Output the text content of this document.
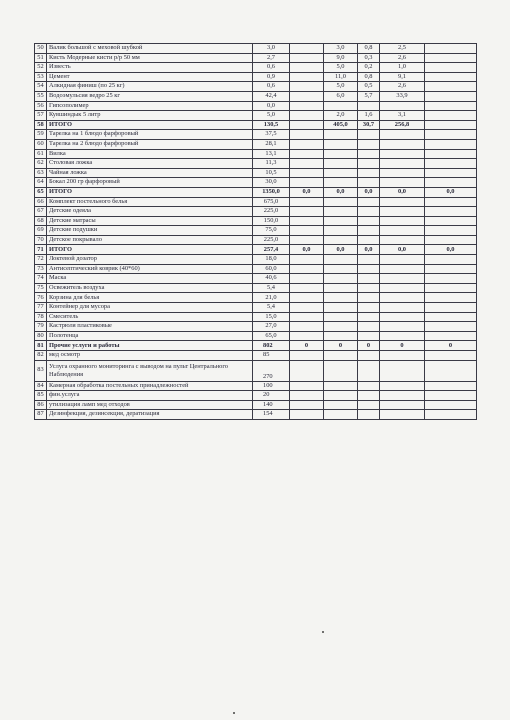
50	Валик большой с меховой шубкой	3,0		3,0	0,8	2,5	
51	Кисть Модерные кисти р/р 50 мм	2,7		9,0	0,3	2,6	
52	Известь	0,6		5,0	0,2	1,0	
53	Цемент	0,9		11,0	0,8	9,1	
54	Алкидная финиш (по 25 кг)	0,6		5,0	0,5	2,6	
55	Водоэмульсия ведро 25 кг	42,4		6,0	5,7	33,9	
56	Гипсополимер	0,0					
57	Кувшиндык 5 литр	5,0		2,0	1,6	3,1	
58	ИТОГО	130,5		405,0	30,7	256,8	
59	Тарелка на 1 блюдо фарфоровый	37,5					
60	Тарелка на 2 блюдо фарфоровый	28,1					
61	Вилка	13,1					
62	Столовая ложка	11,3					
63	Чайная ложка	10,5					
64	Бокал 200 гр фарфоровый	30,0					
65	ИТОГО	1350,0	0,0	0,0	0,0	0,0	0,0
66	Комплект постельного белья	675,0					
67	Детские одеяла	225,0					
68	Детские матрасы	150,0					
69	Детские подушки	75,0					
70	Детское покрывало	225,0					
71	ИТОГО	257,4	0,0	0,0	0,0	0,0	0,0
72	Локтевой дозатор	18,0					
73	Антисептический коврик (40*60)	60,0					
74	Маска	40,6					
75	Освежитель воздуха	5,4					
76	Корзина для белья	21,0					
77	Контейнер для мусора	5,4					
78	Смеситель	15,0					
79	Кастрюля пластиковые	27,0					
80	Полотенца	65,0					
81	Прочие услуги и работы	802	0	0	0	0	0
82	мед осмотр	85					
83	Услуга охранного мониторинга с выводом на пульт Центрального Наблюдения	270					
84	Камерная обработка постельных принадлежностей	100					
85	фин.услуга	20					
86	утилизация ламп мед отходов	140					
87	Дезинфекция, дезинсекция, дератизация	154					
